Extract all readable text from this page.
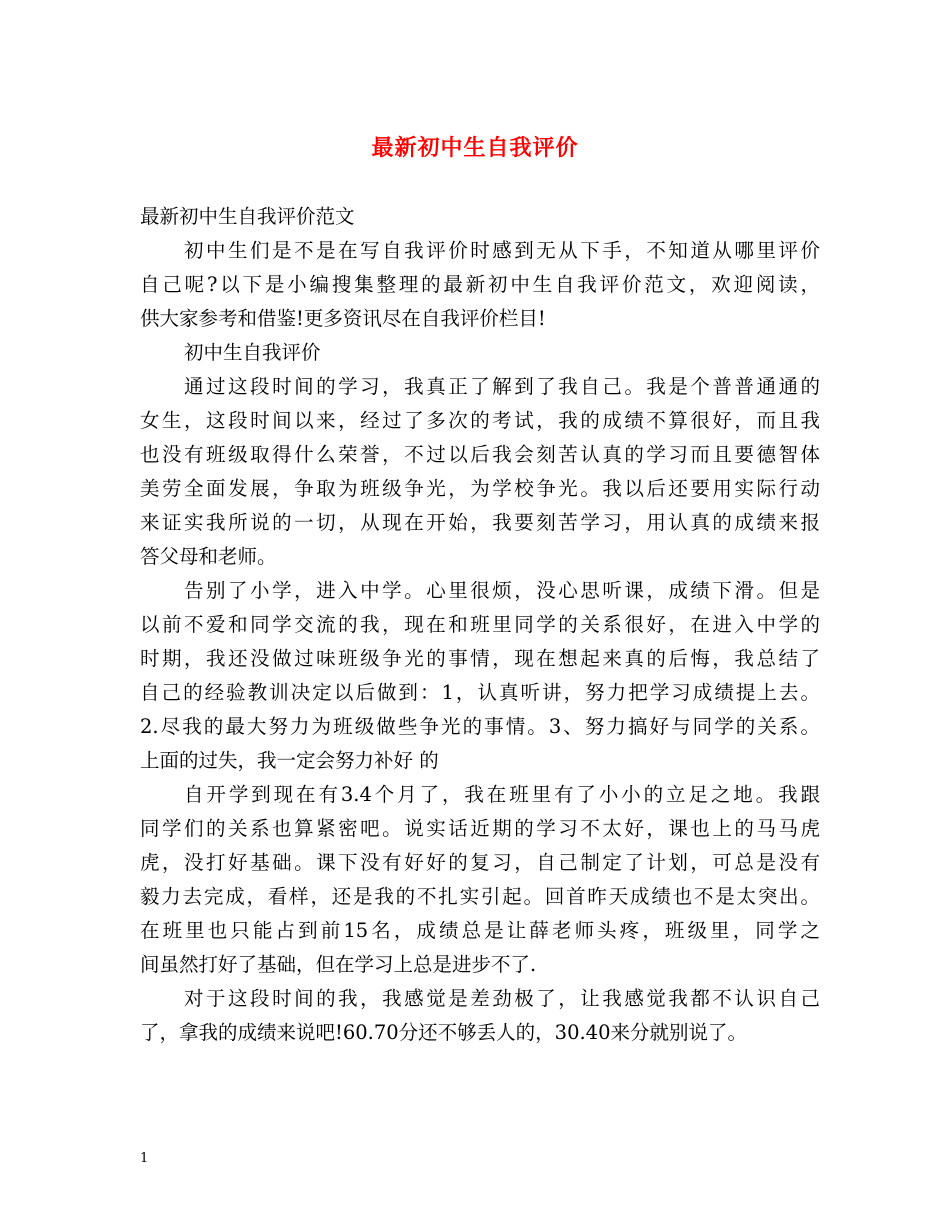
最新初中生自我评价
最新初中生自我评价范文
初中生们是不是在写自我评价时感到无从下手，不知道从哪里评价
自己呢?以下是小编搜集整理的最新初中生自我评价范文，欢迎阅读，
供大家参考和借鉴!更多资讯尽在自我评价栏目!
初中生自我评价
通过这段时间的学习，我真正了解到了我自己。我是个普普通通的
女生，这段时间以来，经过了多次的考试，我的成绩不算很好，而且我
也没有班级取得什么荣誉，不过以后我会刻苦认真的学习而且要德智体
美劳全面发展，争取为班级争光，为学校争光。我以后还要用实际行动
来证实我所说的一切，从现在开始，我要刻苦学习，用认真的成绩来报
答父母和老师。
告别了小学，进入中学。心里很烦，没心思听课，成绩下滑。但是
以前不爱和同学交流的我，现在和班里同学的关系很好，在进入中学的
时期，我还没做过味班级争光的事情，现在想起来真的后悔，我总结了
自己的经验教训决定以后做到：1，认真听讲，努力把学习成绩提上去。
2.尽我的最大努力为班级做些争光的事情。3、努力搞好与同学的关系。
上面的过失，我一定会努力补好 的
自开学到现在有3.4个月了，我在班里有了小小的立足之地。我跟
同学们的关系也算紧密吧。说实话近期的学习不太好，课也上的马马虎
虎，没打好基础。课下没有好好的复习，自己制定了计划，可总是没有
毅力去完成，看样，还是我的不扎实引起。回首昨天成绩也不是太突出。
在班里也只能占到前15名，成绩总是让薛老师头疼，班级里，同学之
间虽然打好了基础，但在学习上总是进步不了.
对于这段时间的我，我感觉是差劲极了，让我感觉我都不认识自己
了，拿我的成绩来说吧!60.70分还不够丢人的，30.40来分就别说了。
1
